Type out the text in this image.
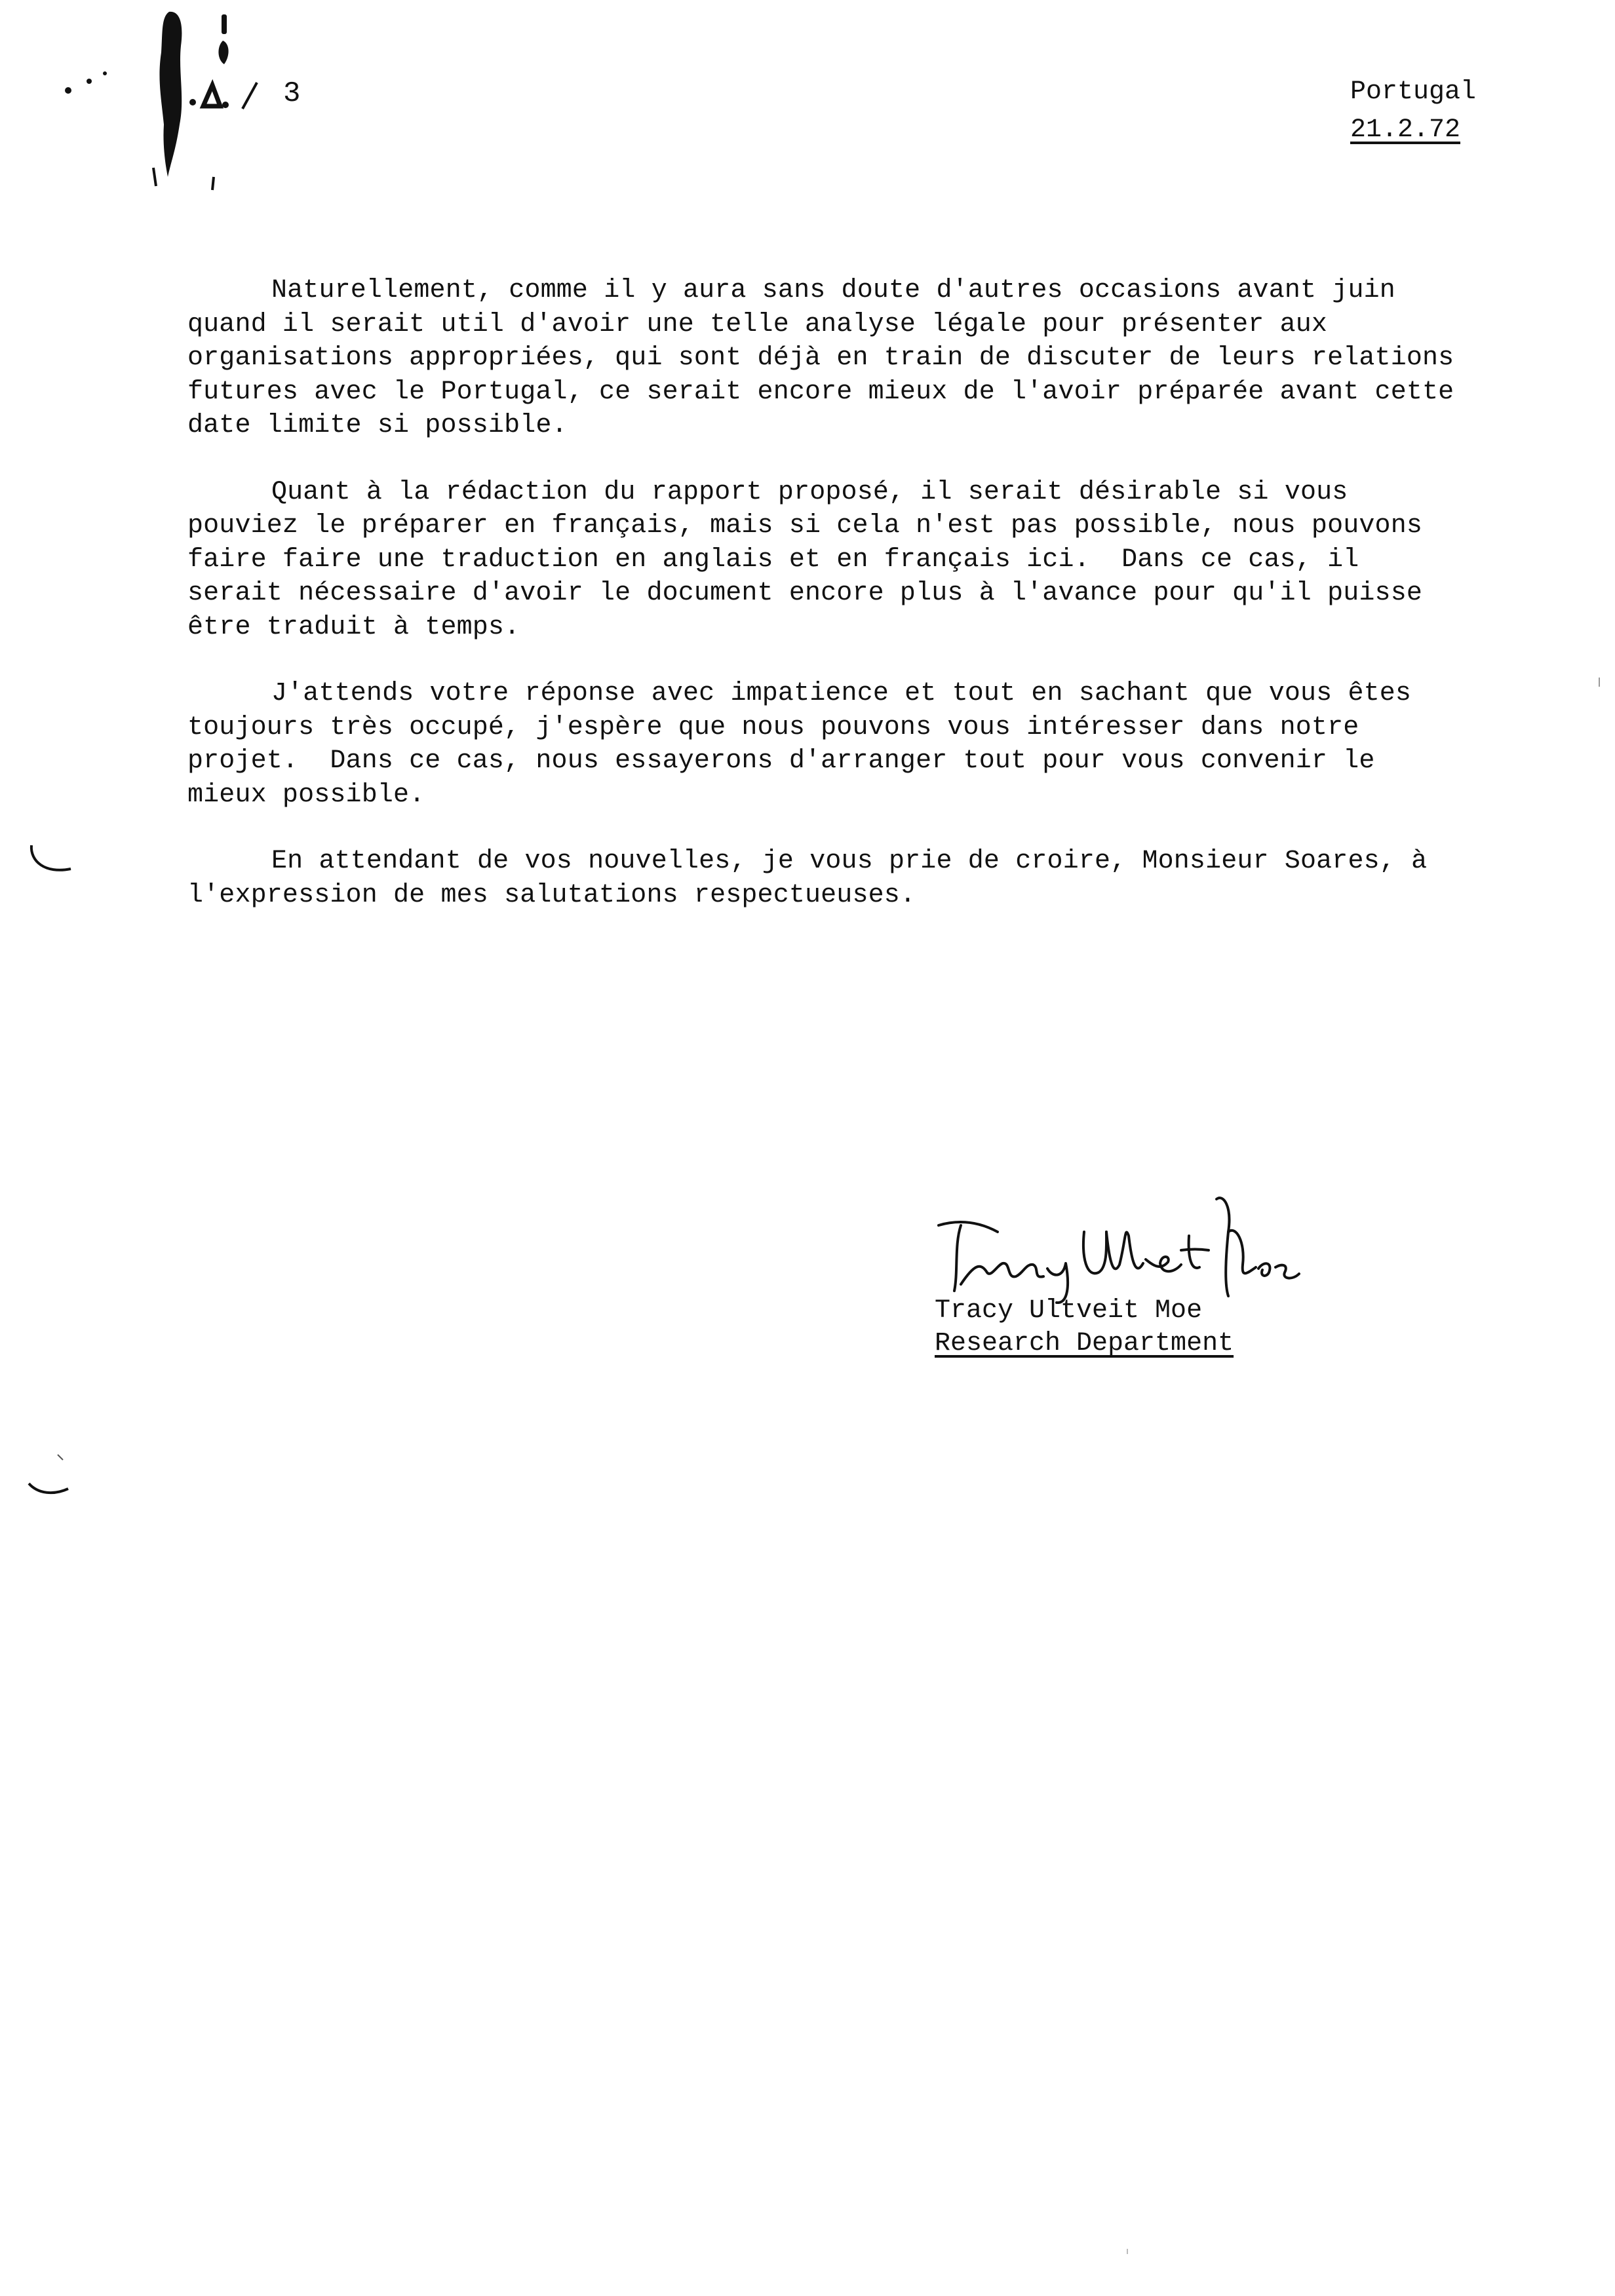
3	Portugal
21.2.72

Naturellement, comme il y aura sans doute d'autres occasions avant juin
quand il serait util d'avoir une telle analyse légale pour présenter aux
organisations appropriées, qui sont déjà en train de discuter de leurs relations
futures avec le Portugal, ce serait encore mieux de l'avoir préparée avant cette
date limite si possible.

Quant à la rédaction du rapport proposé, il serait désirable si vous
pouviez le préparer en français, mais si cela n'est pas possible, nous pouvons
faire faire une traduction en anglais et en français ici.  Dans ce cas, il
serait nécessaire d'avoir le document encore plus à l'avance pour qu'il puisse
être traduit à temps.

J'attends votre réponse avec impatience et tout en sachant que vous êtes
toujours très occupé, j'espère que nous pouvons vous intéresser dans notre
projet.  Dans ce cas, nous essayerons d'arranger tout pour vous convenir le
mieux possible.

En attendant de vos nouvelles, je vous prie de croire, Monsieur Soares, à
l'expression de mes salutations respectueuses.

Tracy Ultveit Moe
Research Department
